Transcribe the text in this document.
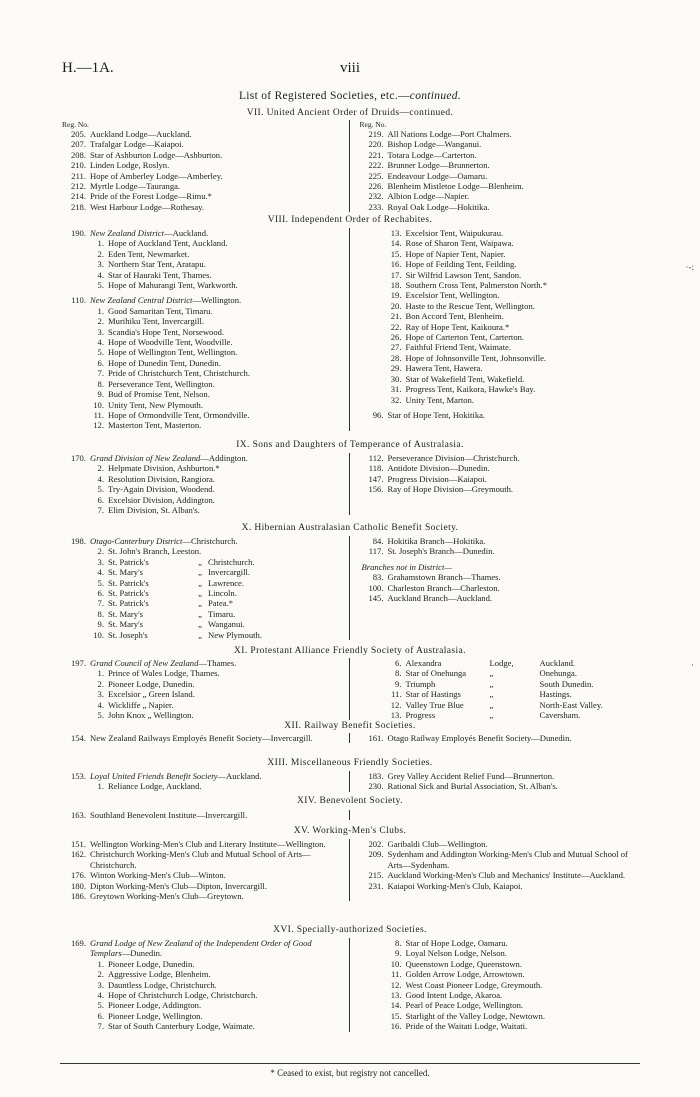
H.—1A.	viii
List of Registered Societies, etc.—continued.
VII. United Ancient Order of Druids—continued.
Reg. No.
205. Auckland Lodge—Auckland.
207. Trafalgar Lodge—Kaiapoi.
208. Star of Ashburton Lodge—Ashburton.
210. Linden Lodge, Roslyn.
211. Hope of Amberley Lodge—Amberley.
212. Myrtle Lodge—Tauranga.
214. Pride of the Forest Lodge—Rimu.*
218. West Harbour Lodge—Rothesay.
Reg. No.
219. All Nations Lodge—Port Chalmers.
220. Bishop Lodge—Wanganui.
221. Totara Lodge—Carterton.
222. Brunner Lodge—Brunnerton.
225. Endeavour Lodge—Oamaru.
226. Blenheim Mistletoe Lodge—Blenheim.
232. Albion Lodge—Napier.
233. Royal Oak Lodge—Hokitika.
VIII. Independent Order of Rechabites.
190. New Zealand District—Auckland.
1. Hope of Auckland Tent, Auckland.
2. Eden Tent, Newmarket.
3. Northern Star Tent, Aratapu.
4. Star of Hauraki Tent, Thames.
5. Hope of Mahurangi Tent, Warkworth.
110. New Zealand Central District—Wellington.
1. Good Samaritan Tent, Timaru.
2. Murihiku Tent, Invercargill.
3. Scandia's Hope Tent, Norsewood.
4. Hope of Woodville Tent, Woodville.
5. Hope of Wellington Tent, Wellington.
6. Hope of Dunedin Tent, Dunedin.
7. Pride of Christchurch Tent, Christchurch.
8. Perseverance Tent, Wellington.
9. Bud of Promise Tent, Nelson.
10. Unity Tent, New Plymouth.
11. Hope of Ormondville Tent, Ormondville.
12. Masterton Tent, Masterton.
13. Excelsior Tent, Waipukurau.
14. Rose of Sharon Tent, Waipawa.
15. Hope of Napier Tent, Napier.
16. Hope of Feilding Tent, Feilding.
17. Sir Wilfrid Lawson Tent, Sandon.
18. Southern Cross Tent, Palmerston North.*
19. Excelsior Tent, Wellington.
20. Haste to the Rescue Tent, Wellington.
21. Bon Accord Tent, Blenheim.
22. Ray of Hope Tent, Kaikoura.*
26. Hope of Carterton Tent, Carterton.
27. Faithful Friend Tent, Waimate.
28. Hope of Johnsonville Tent, Johnsonville.
29. Hawera Tent, Hawera.
30. Star of Wakefield Tent, Wakefield.
31. Progress Tent, Kaikora, Hawke's Bay.
32. Unity Tent, Marton.
96. Star of Hope Tent, Hokitika.
IX. Sons and Daughters of Temperance of Australasia.
170. Grand Division of New Zealand—Addington.
2. Helpmate Division, Ashburton.*
4. Resolution Division, Rangiora.
5. Try-Again Division, Woodend.
6. Excelsior Division, Addington.
7. Elim Division, St. Alban's.
112. Perseverance Division—Christchurch.
118. Antidote Division—Dunedin.
147. Progress Division—Kaiapoi.
156. Ray of Hope Division—Greymouth.
X. Hibernian Australasian Catholic Benefit Society.
198. Otago-Canterbury District—Christchurch.
2. St. John's Branch, Leeston.
3. St. Patrick's	„ Christchurch.
4. St. Mary's	„ Invercargill.
5. St. Patrick's	„ Lawrence.
6. St. Patrick's	„ Lincoln.
7. St. Patrick's	„ Patea.*
8. St. Mary's	„ Timaru.
9. St. Mary's	„ Wanganui.
10. St. Joseph's	„ New Plymouth.
84. Hokitika Branch—Hokitika.
117. St. Joseph's Branch—Dunedin.
Branches not in District—
83. Grahamstown Branch—Thames.
100. Charleston Branch—Charleston.
145. Auckland Branch—Auckland.
XI. Protestant Alliance Friendly Society of Australasia.
197. Grand Council of New Zealand—Thames.
1. Prince of Wales Lodge, Thames.
2. Pioneer Lodge, Dunedin.
3. Excelsior „ Green Island.
4. Wickliffe „ Napier.
5. John Knox „ Wellington.
6. Alexandra	Lodge,	Auckland.
8. Star of Onehunga	„	Onehunga.
9. Triumph	„	South Dunedin.
11. Star of Hastings	„	Hastings.
12. Valley True Blue	„	North-East Valley.
13. Progress	„	Caversham.
XII. Railway Benefit Societies.
154. New Zealand Railways Employés Benefit Society—Invercargill.	161. Otago Railway Employés Benefit Society—Dunedin.
XIII. Miscellaneous Friendly Societies.
153. Loyal United Friends Benefit Society—Auckland.
1. Reliance Lodge, Auckland.
183. Grey Valley Accident Relief Fund—Brunnerton.
230. Rational Sick and Burial Association, St. Alban's.
XIV. Benevolent Society.
163. Southland Benevolent Institute—Invercargill.

XV. Working-Men's Clubs.
151. Wellington Working-Men's Club and Literary Institute—Wellington.
162. Christchurch Working-Men's Club and Mutual School of Arts—Christchurch.
176. Winton Working-Men's Club—Winton.
180. Dipton Working-Men's Club—Dipton, Invercargill.
186. Greytown Working-Men's Club—Greytown.
202. Garibaldi Club—Wellington.
209. Sydenham and Addington Working-Men's Club and Mutual School of Arts—Sydenham.
215. Auckland Working-Men's Club and Mechanics' Institute—Auckland.
231. Kaiapoi Working-Men's Club, Kaiapoi.
XVI. Specially-authorized Societies.
169. Grand Lodge of New Zealand of the Independent Order of Good Templars—Dunedin.
1. Pioneer Lodge, Dunedin.
2. Aggressive Lodge, Blenheim.
3. Dauntless Lodge, Christchurch.
4. Hope of Christchurch Lodge, Christchurch.
5. Pioneer Lodge, Addington.
6. Pioneer Lodge, Wellington.
7. Star of South Canterbury Lodge, Waimate.
8. Star of Hope Lodge, Oamaru.
9. Loyal Nelson Lodge, Nelson.
10. Queenstown Lodge, Queenstown.
11. Golden Arrow Lodge, Arrowtown.
12. West Coast Pioneer Lodge, Greymouth.
13. Good Intent Lodge, Akaroa.
14. Pearl of Peace Lodge, Wellington.
15. Starlight of the Valley Lodge, Newtown.
16. Pride of the Waitati Lodge, Waitati.
* Ceased to exist, but registry not cancelled.
·-:
·
